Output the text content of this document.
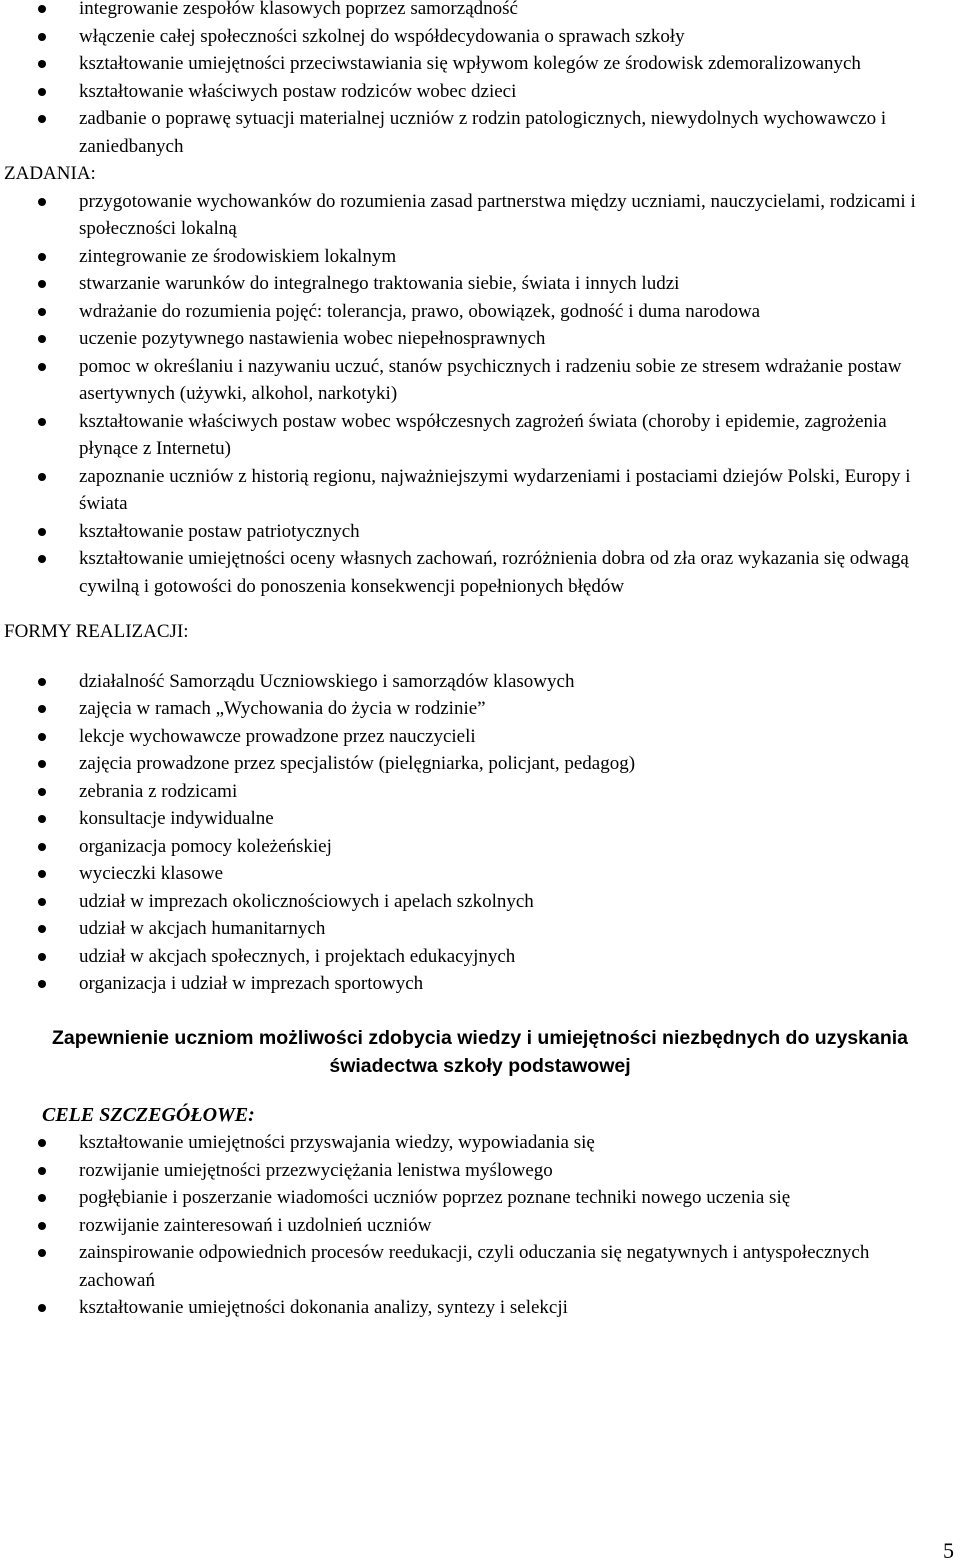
integrowanie zespołów klasowych poprzez samorządność
włączenie całej społeczności szkolnej do współdecydowania o sprawach szkoły
kształtowanie umiejętności przeciwstawiania się wpływom kolegów ze środowisk zdemoralizowanych
kształtowanie właściwych postaw rodziców wobec dzieci
zadbanie o poprawę sytuacji materialnej uczniów z rodzin patologicznych, niewydolnych wychowawczo i zaniedbanych
ZADANIA:
przygotowanie wychowanków do rozumienia zasad partnerstwa między uczniami, nauczycielami, rodzicami i społeczności lokalną
zintegrowanie ze środowiskiem lokalnym
stwarzanie warunków do integralnego traktowania siebie, świata i innych ludzi
wdrażanie do rozumienia pojęć: tolerancja, prawo, obowiązek, godność i duma narodowa
uczenie pozytywnego nastawienia wobec niepełnosprawnych
pomoc w określaniu i nazywaniu uczuć, stanów psychicznych i radzeniu sobie ze stresem wdrażanie postaw asertywnych (używki, alkohol, narkotyki)
kształtowanie właściwych postaw wobec współczesnych zagrożeń świata (choroby i epidemie, zagrożenia płynące z Internetu)
zapoznanie uczniów z historią regionu, najważniejszymi wydarzeniami i postaciami dziejów Polski, Europy i świata
kształtowanie postaw patriotycznych
kształtowanie umiejętności oceny własnych zachowań, rozróżnienia dobra od zła oraz wykazania się odwagą cywilną i gotowości do ponoszenia konsekwencji popełnionych błędów
FORMY REALIZACJI:
działalność Samorządu Uczniowskiego i samorządów klasowych
zajęcia w ramach „Wychowania do życia w rodzinie”
lekcje wychowawcze prowadzone przez nauczycieli
zajęcia prowadzone przez specjalistów (pielęgniarka, policjant, pedagog)
zebrania z rodzicami
konsultacje indywidualne
organizacja pomocy koleżeńskiej
wycieczki klasowe
udział w imprezach okolicznościowych i apelach szkolnych
udział w akcjach humanitarnych
udział w akcjach społecznych, i projektach edukacyjnych
organizacja i udział w imprezach sportowych
Zapewnienie uczniom możliwości zdobycia wiedzy i umiejętności niezbędnych do uzyskania świadectwa szkoły podstawowej
CELE SZCZEGÓŁOWE:
kształtowanie umiejętności przyswajania wiedzy, wypowiadania się
rozwijanie umiejętności przezwyciężania lenistwa myślowego
pogłębianie i poszerzanie wiadomości uczniów poprzez poznane techniki nowego uczenia się
rozwijanie zainteresowań i uzdolnień uczniów
zainspirowanie odpowiednich procesów reedukacji, czyli oduczania się negatywnych i antyspołecznych zachowań
kształtowanie umiejętności dokonania analizy, syntezy i selekcji
5
